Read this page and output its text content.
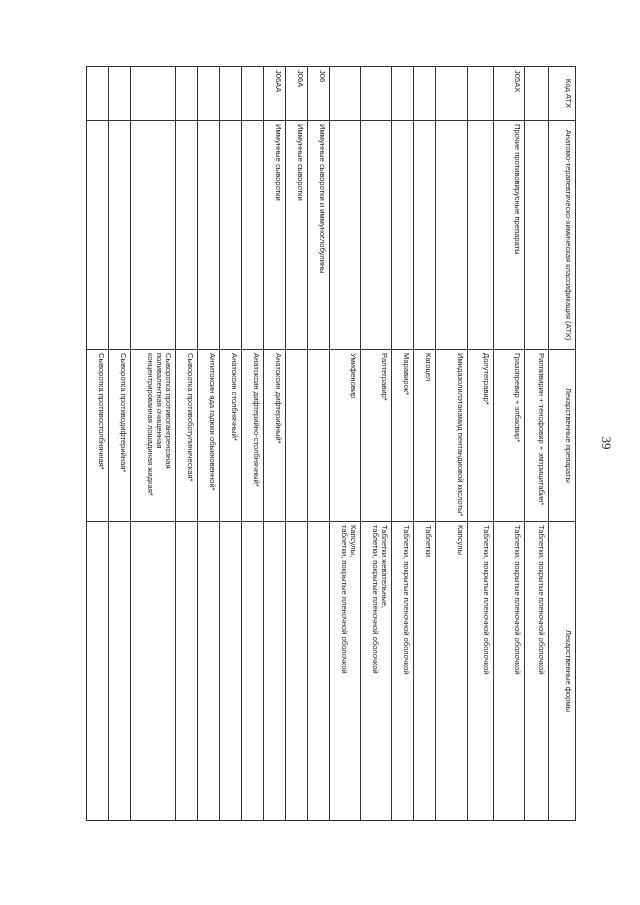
39
Код АТХ	Анатомо-терапевтическо-химическая классификация (АТХ)	Лекарственные препараты	Лекарственные формы
		Рилпивирин + тенофовир + эмтрицитабин*	Таблетки, покрытые пленочной оболочкой
J05AX	Прочие противовирусные препараты	Гразопревир + элбасвир*	Таблетки, покрытые пленочной оболочкой
		Долутегравир*	Таблетки, покрытые пленочной оболочкой
		Имидазолилэтанамид пентандиовой кислоты*	Капсулы
		Кагоцел	Таблетки
		Маравирок*	Таблетки, покрытые пленочной оболочкой
		Ралтегравир*	Таблетки жевательные,
таблетки, покрытые пленочной оболочкой
		Умифеновир	Капсулы,
таблетки, покрытые пленочной оболочкой
J06	Иммунные сыворотки и иммуноглобулины		
J06A	Иммунные сыворотки		
J06AA	Иммунные сыворотки	Анатоксин дифтерийный*	
		Анатоксин дифтерийно-столбнячный*	
		Анатоксин столбнячный*	
		Антитоксин яда гадюки обыкновенной*	
		Сыворотка противоботулиническая*	
		Сыворотка противогангренозная поливалентная очищенная концентрированная лошадиная жидкая*	
		Сыворотка противодифтерийная*	
		Сыворотка противостолбнячная*	
